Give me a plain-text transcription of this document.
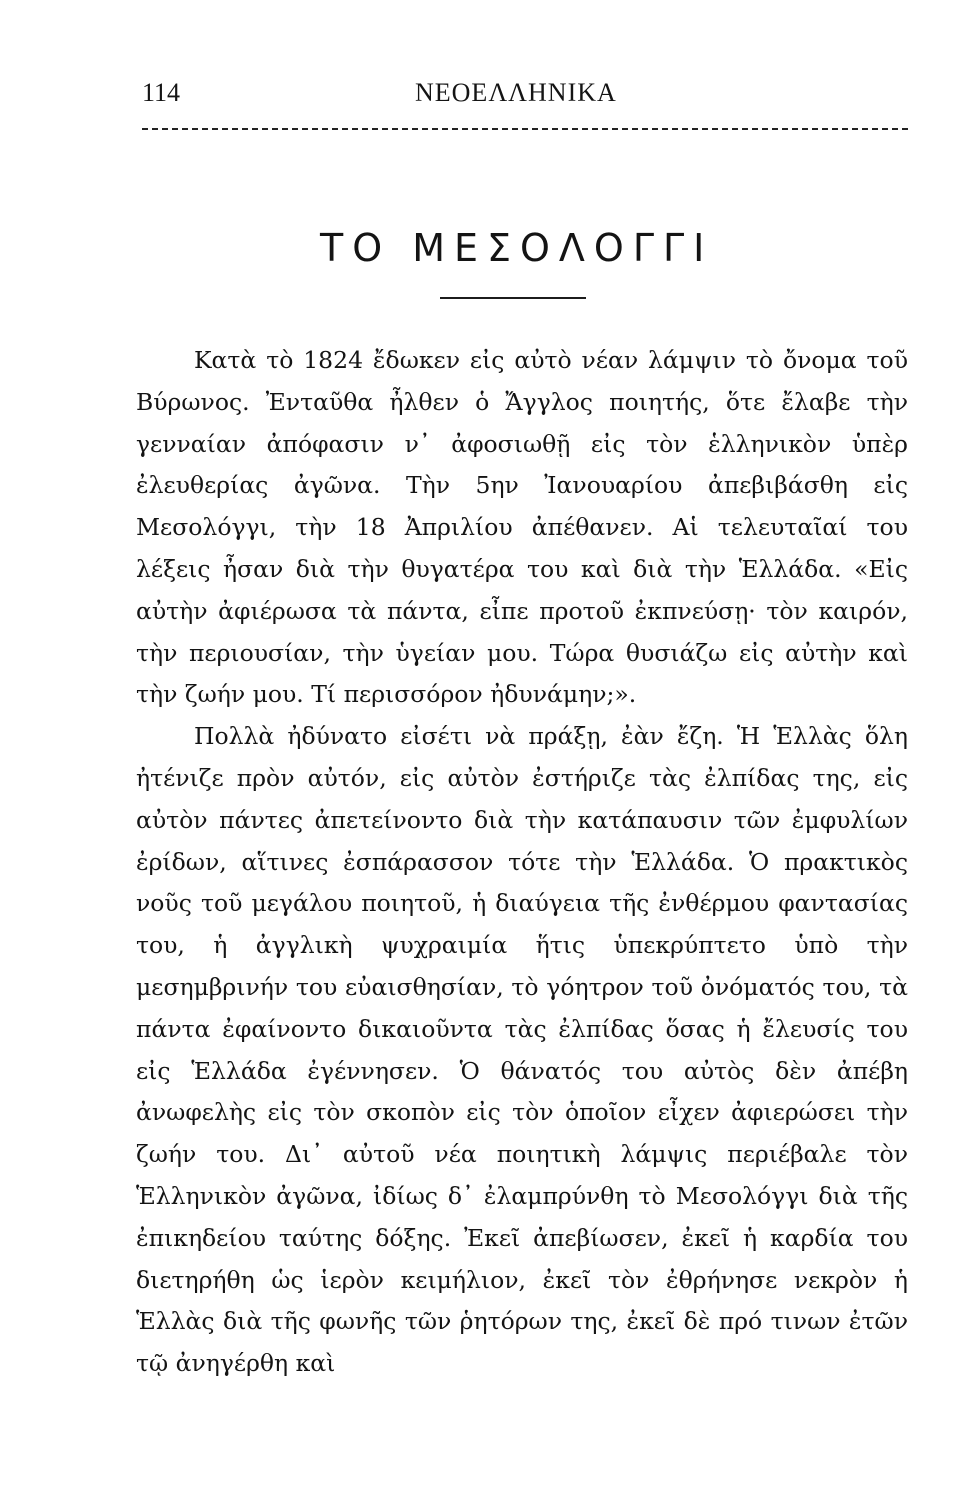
114	ΝΕΟΕΛΛΗΝΙΚΑ
ΤΟ ΜΕΣΟΛΟΓΓΙ

Κατὰ τὸ 1824 ἔδωκεν εἰς αὐτὸ νέαν λάμψιν τὸ ὄνομα τοῦ Βύρωνος. Ἐνταῦθα ἦλθεν ὁ Ἄγγλος ποιητής, ὅτε ἔλαβε τὴν γενναίαν ἀπόφασιν ν᾽ ἀφοσιωθῇ εἰς τὸν ἑλληνικὸν ὑπὲρ ἐλευθερίας ἀγῶνα. Τὴν 5ην Ἰανουαρίου ἀπεβιβάσθη εἰς Μεσολόγγι, τὴν 18 Ἀπριλίου ἀπέθανεν. Αἱ τελευταῖαί του λέξεις ἦσαν διὰ τὴν θυγατέρα του καὶ διὰ τὴν Ἑλλάδα. «Εἰς αὐτὴν ἀφιέρωσα τὰ πάντα, εἶπε προτοῦ ἐκπνεύσῃ· τὸν καιρόν, τὴν περιουσίαν, τὴν ὑγείαν μου. Τώρα θυσιάζω εἰς αὐτὴν καὶ τὴν ζωήν μου. Τί περισσόρον ἠδυνάμην;».

Πολλὰ ἠδύνατο εἰσέτι νὰ πράξῃ, ἐὰν ἔζη. Ἡ Ἑλλὰς ὅλη ἠτένιζε πρὸν αὐτόν, εἰς αὐτὸν ἐστήριζε τὰς ἐλπίδας της, εἰς αὐτὸν πάντες ἀπετείνοντο διὰ τὴν κατάπαυσιν τῶν ἐμφυλίων ἐρίδων, αἵτινες ἐσπάρασσον τότε τὴν Ἑλλάδα. Ὁ πρακτικὸς νοῦς τοῦ μεγάλου ποιητοῦ, ἡ διαύγεια τῆς ἐνθέρμου φαντασίας του, ἡ ἀγγλικὴ ψυχραιμία ἥτις ὑπεκρύπτετο ὑπὸ τὴν μεσημβρινήν του εὐαισθησίαν, τὸ γόητρον τοῦ ὀνόματός του, τὰ πάντα ἐφαίνοντο δικαιοῦντα τὰς ἐλπίδας ὅσας ἡ ἔλευσίς του εἰς Ἑλλάδα ἐγέννησεν. Ὁ θάνατός του αὐτὸς δὲν ἀπέβη ἀνωφελὴς εἰς τὸν σκοπὸν εἰς τὸν ὁποῖον εἶχεν ἀφιερώσει τὴν ζωήν του. Δι᾽ αὐτοῦ νέα ποιητικὴ λάμψις περιέβαλε τὸν Ἑλληνικὸν ἀγῶνα, ἰδίως δ᾽ ἐλαμπρύνθη τὸ Μεσολόγγι διὰ τῆς ἐπικηδείου ταύτης δόξης. Ἐκεῖ ἀπεβίωσεν, ἐκεῖ ἡ καρδία του διετηρήθη ὡς ἱερὸν κειμήλιον, ἐκεῖ τὸν ἐθρήνησε νεκρὸν ἡ Ἑλλὰς διὰ τῆς φωνῆς τῶν ῥητόρων της, ἐκεῖ δὲ πρό τινων ἐτῶν τῷ ἀνηγέρθη καὶ
